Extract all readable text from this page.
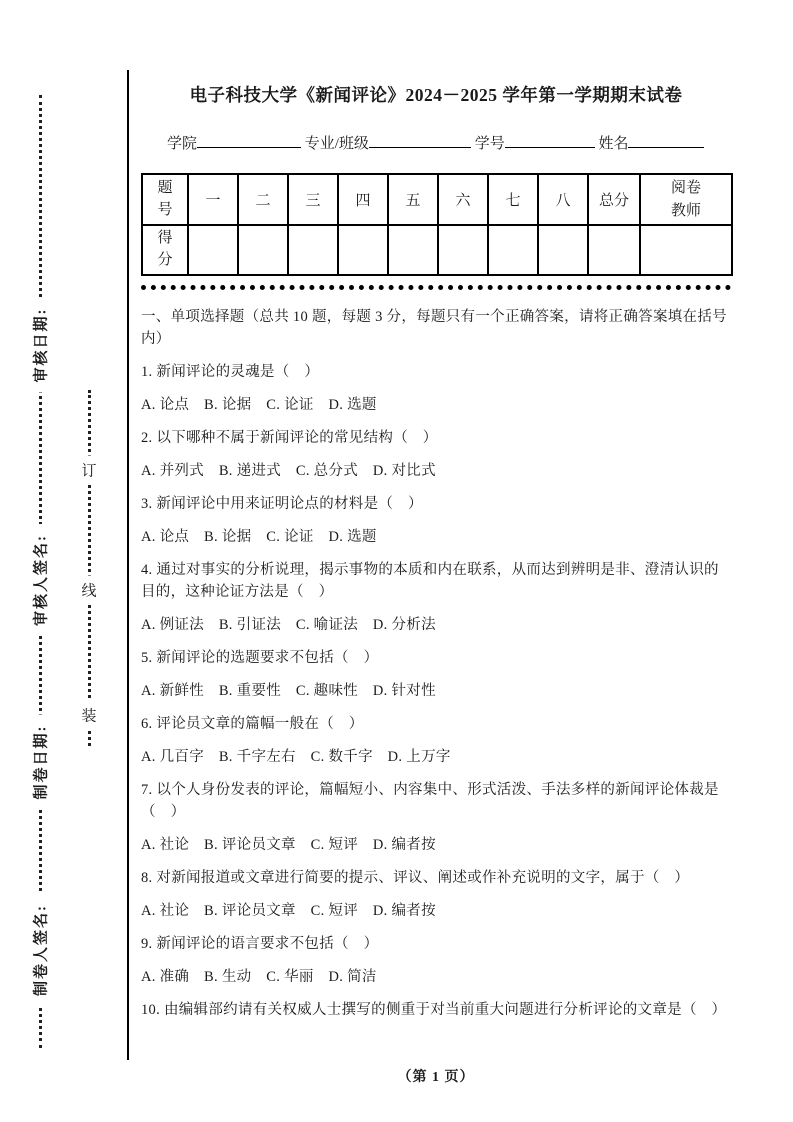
审核日期:
审核人签名:
制卷日期:
制卷人签名:
订
线
装
电子科技大学《新闻评论》2024－2025 学年第一学期期末试卷
学院	专业/班级	学号	姓名
题号	一	二	三	四	五	六	七	八	总分	阅卷教师
得分										

一、单项选择题（总共 10 题，每题 3 分，每题只有一个正确答案，请将正确答案填在括号内）

1. 新闻评论的灵魂是（　）

A. 论点　B. 论据　C. 论证　D. 选题

2. 以下哪种不属于新闻评论的常见结构（　）

A. 并列式　B. 递进式　C. 总分式　D. 对比式

3. 新闻评论中用来证明论点的材料是（　）

A. 论点　B. 论据　C. 论证　D. 选题

4. 通过对事实的分析说理，揭示事物的本质和内在联系，从而达到辨明是非、澄清认识的目的，这种论证方法是（　）

A. 例证法　B. 引证法　C. 喻证法　D. 分析法

5. 新闻评论的选题要求不包括（　）

A. 新鲜性　B. 重要性　C. 趣味性　D. 针对性

6. 评论员文章的篇幅一般在（　）

A. 几百字　B. 千字左右　C. 数千字　D. 上万字

7. 以个人身份发表的评论，篇幅短小、内容集中、形式活泼、手法多样的新闻评论体裁是（　）

A. 社论　B. 评论员文章　C. 短评　D. 编者按

8. 对新闻报道或文章进行简要的提示、评议、阐述或作补充说明的文字，属于（　）

A. 社论　B. 评论员文章　C. 短评　D. 编者按

9. 新闻评论的语言要求不包括（　）

A. 准确　B. 生动　C. 华丽　D. 简洁

10. 由编辑部约请有关权威人士撰写的侧重于对当前重大问题进行分析评论的文章是（　）

（第 1 页）
